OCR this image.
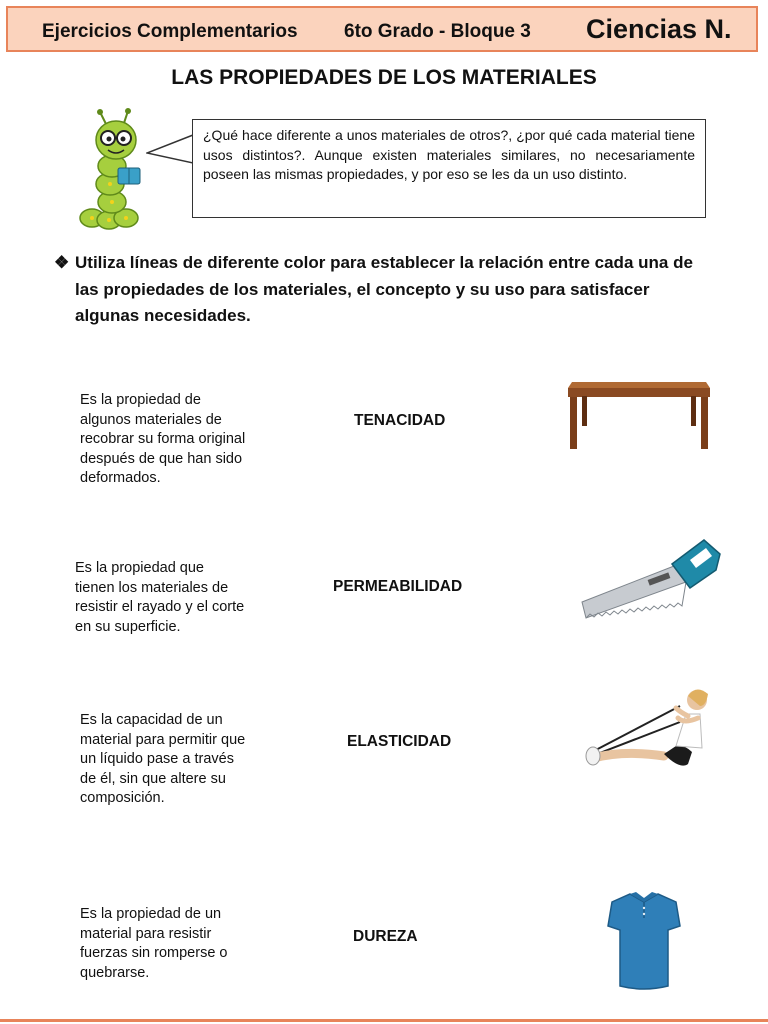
Ejercicios Complementarios 6to Grado - Bloque 3 Ciencias N.
LAS PROPIEDADES DE LOS MATERIALES
¿Qué hace diferente a unos materiales de otros?, ¿por qué cada material tiene usos distintos?. Aunque existen materiales similares, no necesariamente poseen las mismas propiedades, y por eso se les da un uso distinto.
❖ Utiliza líneas de diferente color para establecer la relación entre cada una de las propiedades de los materiales, el concepto y su uso para satisfacer algunas necesidades.
Es la propiedad de algunos materiales de recobrar su forma original después de que han sido deformados.
TENACIDAD
Es la propiedad que tienen los materiales de resistir el rayado y el corte en su superficie.
PERMEABILIDAD
Es la capacidad de un material para permitir que un líquido pase a través de él, sin que altere su composición.
ELASTICIDAD
Es la propiedad de un material para resistir fuerzas sin romperse o quebrarse.
DUREZA
